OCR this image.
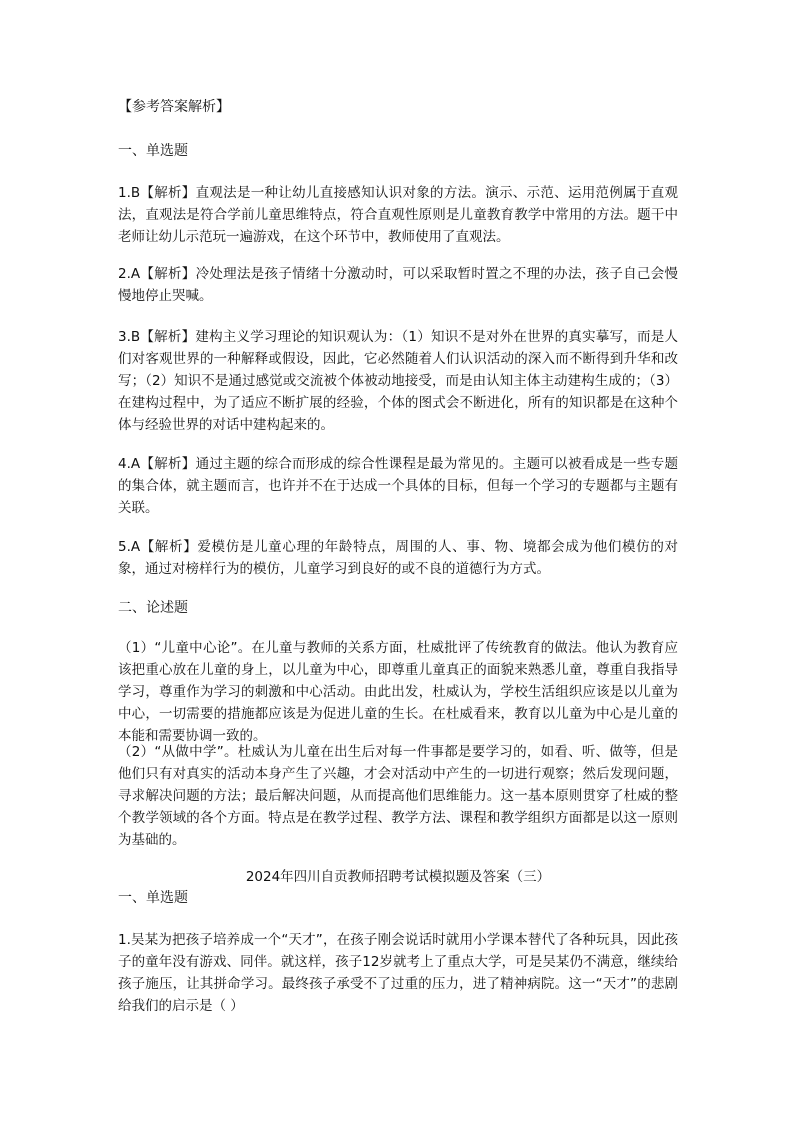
【参考答案解析】

一、单选题

1.B【解析】直观法是一种让幼儿直接感知认识对象的方法。演示、示范、运用范例属于直观法，直观法是符合学前儿童思维特点，符合直观性原则是儿童教育教学中常用的方法。题干中老师让幼儿示范玩一遍游戏，在这个环节中，教师使用了直观法。

2.A【解析】冷处理法是孩子情绪十分激动时，可以采取暂时置之不理的办法，孩子自己会慢慢地停止哭喊。

3.B【解析】建构主义学习理论的知识观认为：（1）知识不是对外在世界的真实摹写，而是人们对客观世界的一种解释或假设，因此，它必然随着人们认识活动的深入而不断得到升华和改写；（2）知识不是通过感觉或交流被个体被动地接受，而是由认知主体主动建构生成的；（3）在建构过程中，为了适应不断扩展的经验，个体的图式会不断进化，所有的知识都是在这种个体与经验世界的对话中建构起来的。

4.A【解析】通过主题的综合而形成的综合性课程是最为常见的。主题可以被看成是一些专题的集合体，就主题而言，也许并不在于达成一个具体的目标，但每一个学习的专题都与主题有关联。

5.A【解析】爱模仿是儿童心理的年龄特点，周围的人、事、物、境都会成为他们模仿的对象，通过对榜样行为的模仿，儿童学习到良好的或不良的道德行为方式。

二、论述题

（1）“儿童中心论”。在儿童与教师的关系方面，杜威批评了传统教育的做法。他认为教育应该把重心放在儿童的身上，以儿童为中心，即尊重儿童真正的面貌来熟悉儿童，尊重自我指导学习，尊重作为学习的刺激和中心活动。由此出发，杜威认为，学校生活组织应该是以儿童为中心，一切需要的措施都应该是为促进儿童的生长。在杜威看来，教育以儿童为中心是儿童的本能和需要协调一致的。

（2）“从做中学”。杜威认为儿童在出生后对每一件事都是要学习的，如看、听、做等，但是他们只有对真实的活动本身产生了兴趣，才会对活动中产生的一切进行观察；然后发现问题，寻求解决问题的方法；最后解决问题，从而提高他们思维能力。这一基本原则贯穿了杜威的整个教学领域的各个方面。特点是在教学过程、教学方法、课程和教学组织方面都是以这一原则为基础的。

2024年四川自贡教师招聘考试模拟题及答案（三）

一、单选题

1.吴某为把孩子培养成一个“天才”，在孩子刚会说话时就用小学课本替代了各种玩具，因此孩子的童年没有游戏、同伴。就这样，孩子12岁就考上了重点大学，可是吴某仍不满意，继续给孩子施压，让其拼命学习。最终孩子承受不了过重的压力，进了精神病院。这一“天才”的悲剧给我们的启示是（ ）
